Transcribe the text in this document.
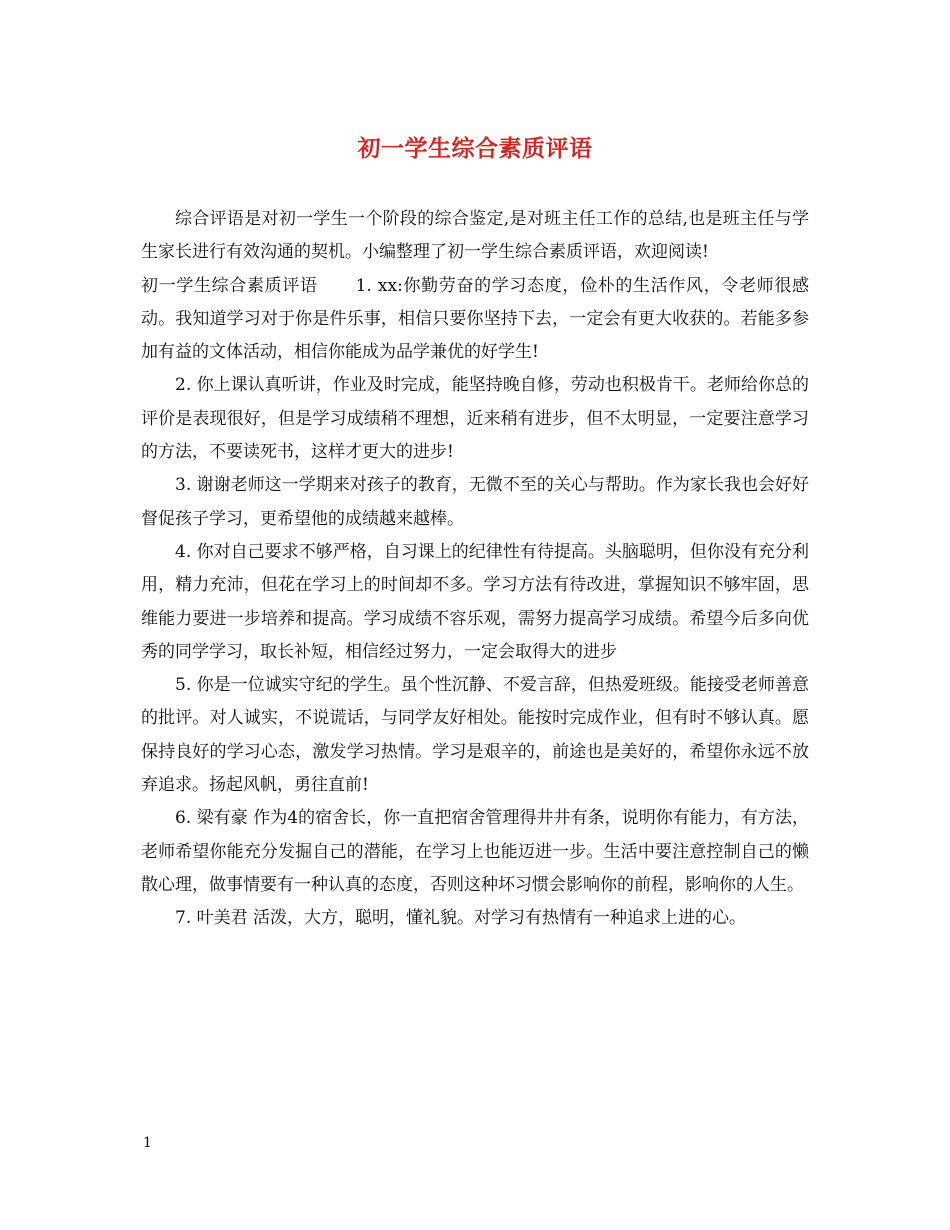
初一学生综合素质评语

综合评语是对初一学生一个阶段的综合鉴定,是对班主任工作的总结,也是班主任与学生家长进行有效沟通的契机。小编整理了初一学生综合素质评语，欢迎阅读!

初一学生综合素质评语 1. xx:你勤劳奋的学习态度，俭朴的生活作风，令老师很感动。我知道学习对于你是件乐事，相信只要你坚持下去，一定会有更大收获的。若能多参加有益的文体活动，相信你能成为品学兼优的好学生!

2. 你上课认真听讲，作业及时完成，能坚持晚自修，劳动也积极肯干。老师给你总的评价是表现很好，但是学习成绩稍不理想，近来稍有进步，但不太明显，一定要注意学习的方法，不要读死书，这样才更大的进步!

3. 谢谢老师这一学期来对孩子的教育，无微不至的关心与帮助。作为家长我也会好好督促孩子学习，更希望他的成绩越来越棒。

4. 你对自己要求不够严格，自习课上的纪律性有待提高。头脑聪明，但你没有充分利用，精力充沛，但花在学习上的时间却不多。学习方法有待改进，掌握知识不够牢固，思维能力要进一步培养和提高。学习成绩不容乐观，需努力提高学习成绩。希望今后多向优秀的同学学习，取长补短，相信经过努力，一定会取得大的进步

5. 你是一位诚实守纪的学生。虽个性沉静、不爱言辞，但热爱班级。能接受老师善意的批评。对人诚实，不说谎话，与同学友好相处。能按时完成作业，但有时不够认真。愿保持良好的学习心态，激发学习热情。学习是艰辛的，前途也是美好的，希望你永远不放弃追求。扬起风帆，勇往直前!

6. 梁有豪 作为4的宿舍长，你一直把宿舍管理得井井有条，说明你有能力，有方法，老师希望你能充分发掘自己的潜能，在学习上也能迈进一步。生活中要注意控制自己的懒散心理，做事情要有一种认真的态度，否则这种坏习惯会影响你的前程，影响你的人生。

7. 叶美君 活泼，大方，聪明，懂礼貌。对学习有热情有一种追求上进的心。

1
